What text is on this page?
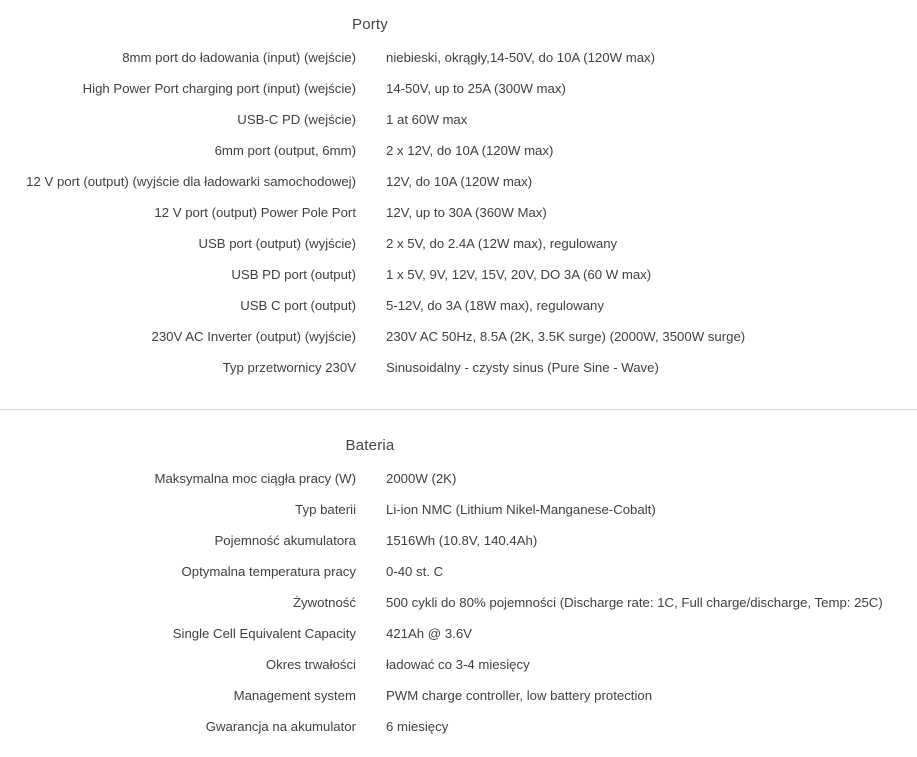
Porty
8mm port do ładowania (input) (wejście) niebieski, okrągły,14-50V, do 10A (120W max)
High Power Port charging port (input) (wejście) 14-50V, up to 25A (300W max)
USB-C PD (wejście) 1 at 60W max
6mm port (output, 6mm) 2 x 12V, do 10A (120W max)
12 V port (output) (wyjście dla ładowarki samochodowej) 12V, do 10A (120W max)
12 V port (output) Power Pole Port 12V, up to 30A (360W Max)
USB port (output) (wyjście) 2 x 5V, do 2.4A (12W max), regulowany
USB PD port (output) 1 x 5V, 9V, 12V, 15V, 20V, DO 3A (60 W max)
USB C port (output) 5-12V, do 3A (18W max), regulowany
230V AC Inverter (output) (wyjście) 230V AC 50Hz, 8.5A (2K, 3.5K surge) (2000W, 3500W surge)
Typ przetwornicy 230V Sinusoidalny - czysty sinus (Pure Sine - Wave)
Bateria
Maksymalna moc ciągła pracy (W) 2000W (2K)
Typ baterii Li-ion NMC (Lithium Nikel-Manganese-Cobalt)
Pojemność akumulatora 1516Wh (10.8V, 140.4Ah)
Optymalna temperatura pracy 0-40 st. C
Żywotność 500 cykli do 80% pojemności (Discharge rate: 1C, Full charge/discharge, Temp: 25C)
Single Cell Equivalent Capacity 421Ah @ 3.6V
Okres trwałości ładować co 3-4 miesięcy
Management system PWM charge controller, low battery protection
Gwarancja na akumulator 6 miesięcy
